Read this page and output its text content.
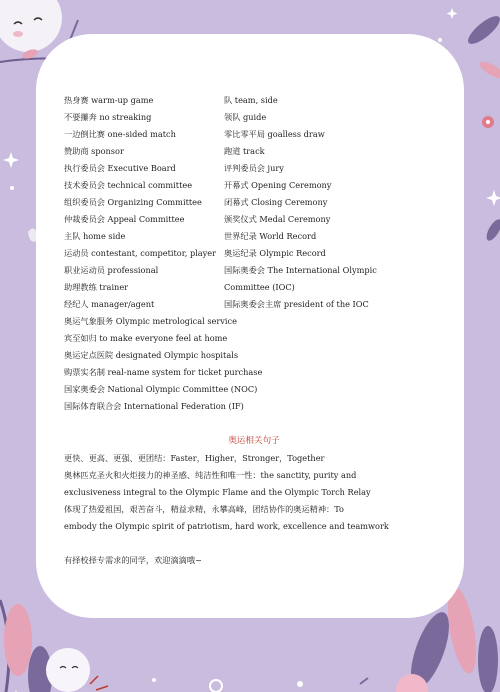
热身赛 warm-up game	队 team, side
不要攥奔 no streaking	领队 guide
一边倒比赛 one-sided match	零比零平局 goalless draw
赞助商 sponsor	跑道 track
执行委员会 Executive Board	评判委员会 jury
技术委员会 technical committee	开幕式 Opening Ceremony
组织委员会 Organizing Committee	闭幕式 Closing Ceremony
仲裁委员会 Appeal Committee	颁奖仪式 Medal Ceremony
主队 home side	世界纪录 World Record
运动员 contestant, competitor, player 奥运纪录 Olympic Record
职业运动员 professional	国际奥委会 The International Olympic
助理教练 trainer	Committee (IOC)
经纪人 manager/agent	国际奥委会主席 president of the IOC
奥运气象服务 Olympic metrological service
宾至如归 to make everyone feel at home
奥运定点医院 designated Olympic hospitals
购票实名制 real-name system for ticket purchase
国家奥委会 National Olympic Committee (NOC)
国际体育联合会 International Federation (IF)
奥运相关句子
更快、更高、更强、更团结：Faster，Higher，Stronger，Together
奥林匹克圣火和火炬接力的神圣感、纯洁性和唯一性：the sanctity, purity and
exclusiveness integral to the Olympic Flame and the Olympic Torch Relay
体现了热爱祖国，艰苦奋斗，精益求精，永攀高峰，团结协作的奥运精神：To
embody the Olympic spirit of patriotism, hard work, excellence and teamwork
有择校择专需求的同学，欢迎滴滴哦~
